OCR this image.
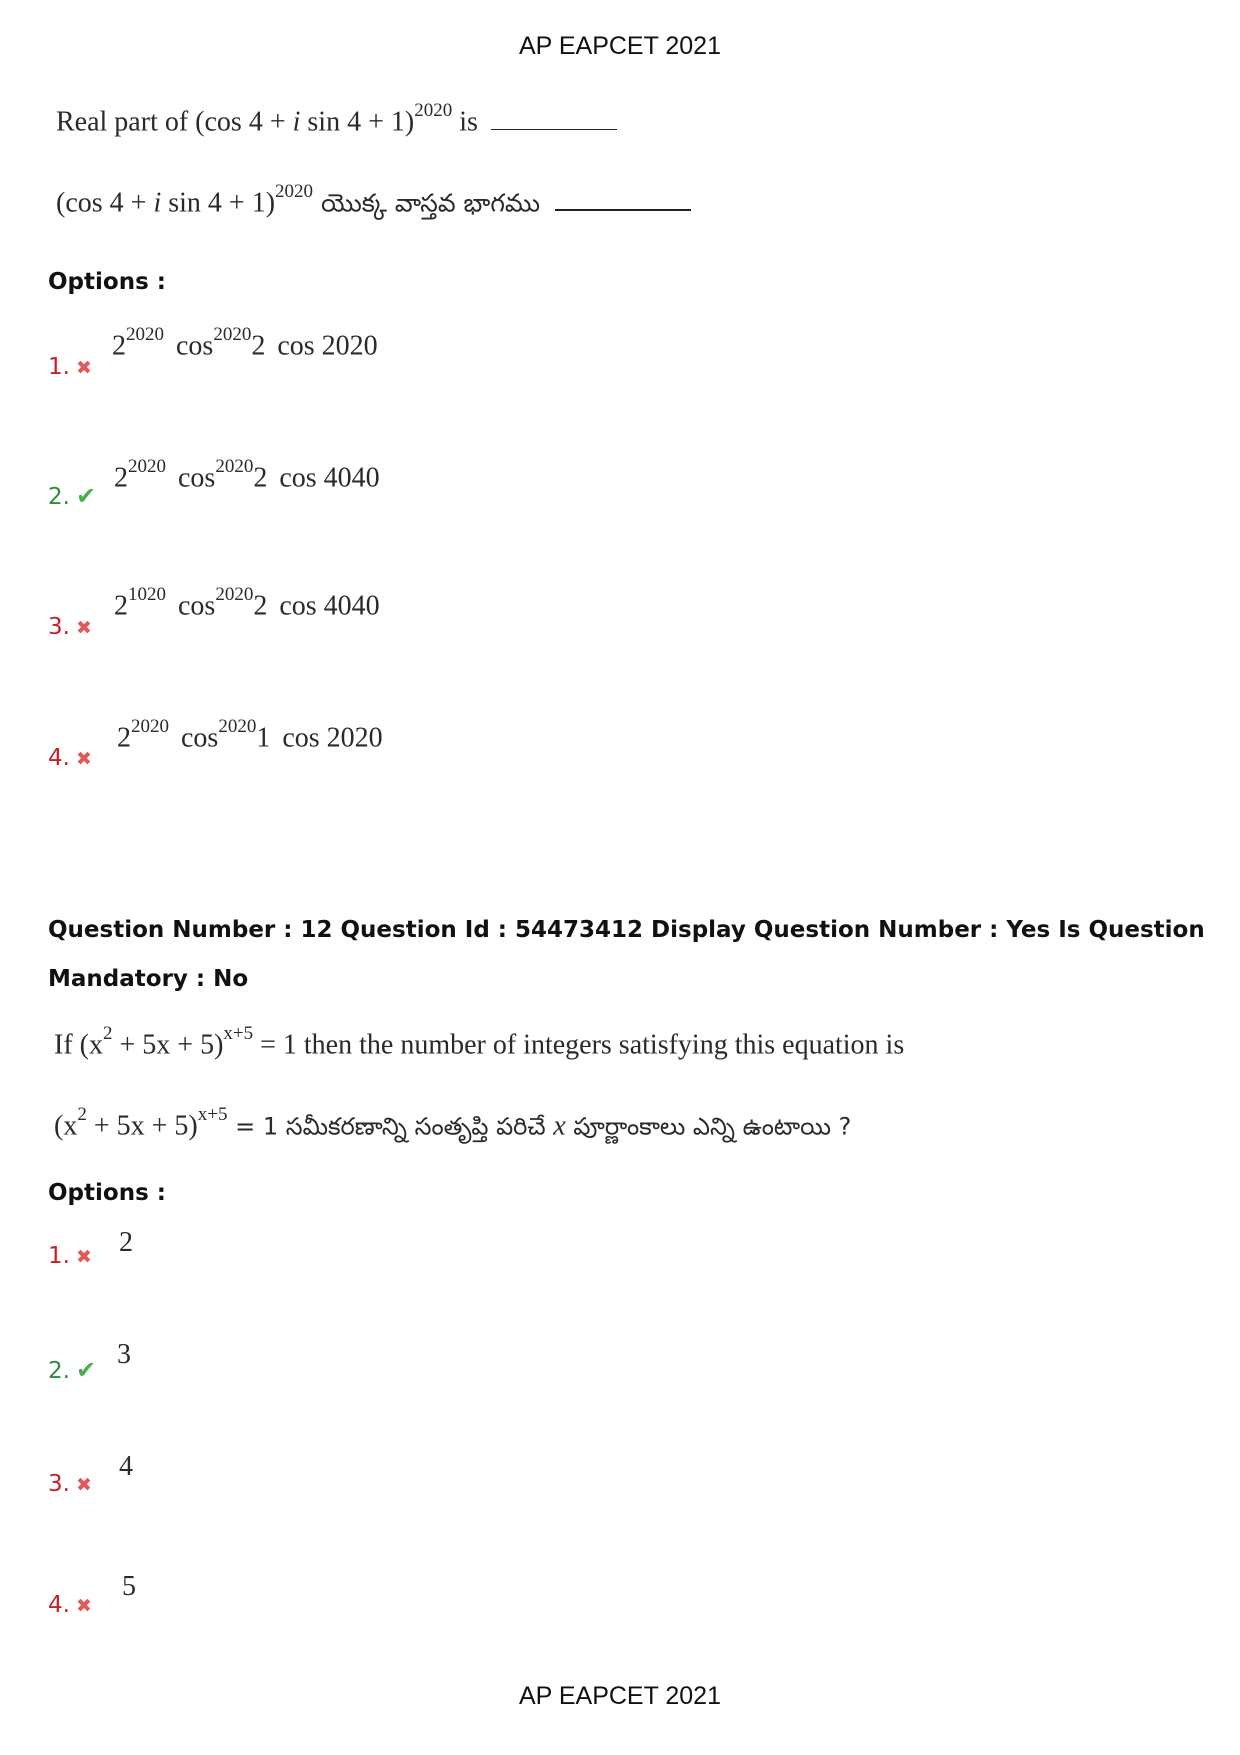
AP EAPCET 2021
Real part of (cos 4 + i sin 4 + 1)$^{2020}$ is
(cos 4 + i sin 4 + 1)$^{2020}$ యొక్క వాస్తవ భాగము
Options :
1. ✖
$2^{2020}$ $\cos^{2020}2$ cos 2020
2. ✔
$2^{2020}$ $\cos^{2020}2$ cos 4040
3. ✖
$2^{1020}$ $\cos^{2020}2$ cos 4040
4. ✖
$2^{2020}$ $\cos^{2020}1$ cos 2020
Question Number : 12 Question Id : 54473412 Display Question Number : Yes Is Question
Mandatory : No
If $(x^2 + 5x + 5)^{x+5} = 1$ then the number of integers satisfying this equation is
$(x^2 + 5x + 5)^{x+5} = 1$ సమీకరణాన్ని సంతృప్తి పరిచే x పూర్ణాంకాలు ఎన్ని ఉంటాయి ?
Options :
1. ✖ 2
2. ✔ 3
3. ✖
4
4. ✖
5
AP EAPCET 2021
